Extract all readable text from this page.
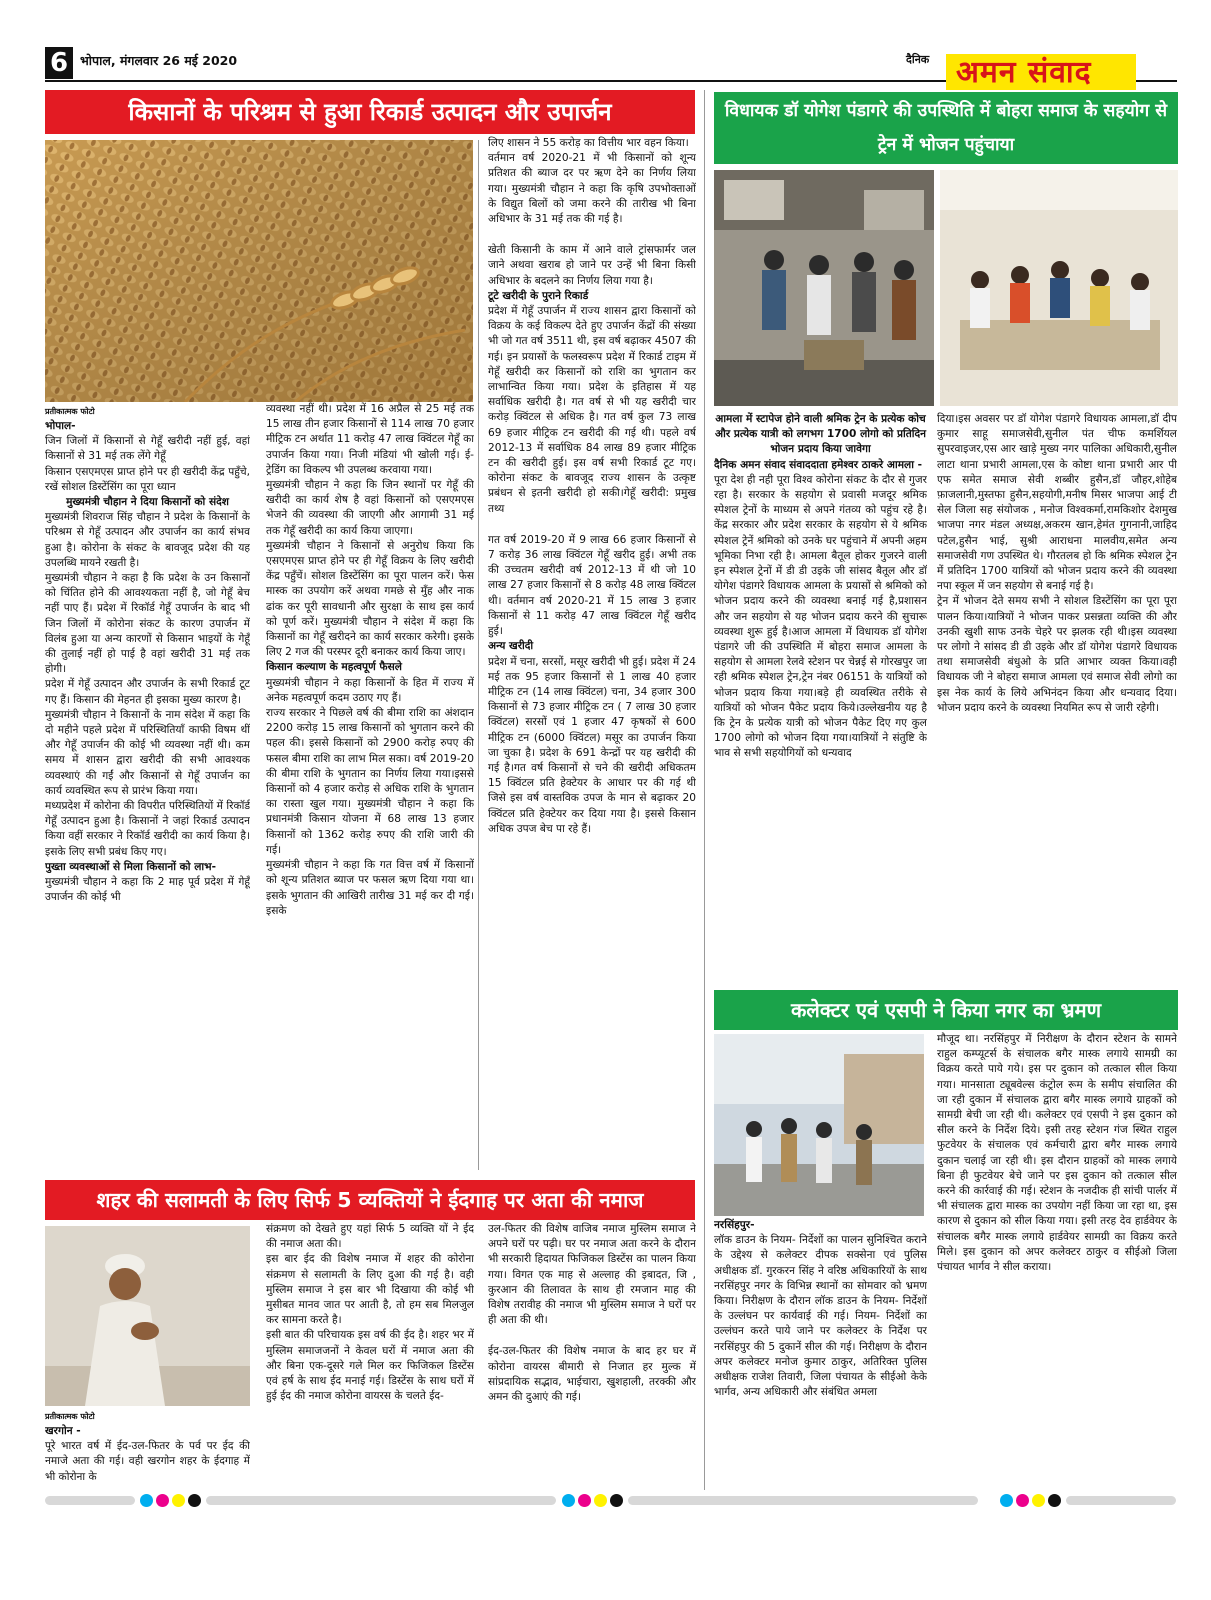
6 भोपाल, मंगलवार 26 मई 2020	दैनिक अमन संवाद
किसानों के परिश्रम से हुआ रिकार्ड उत्पादन और उपार्जन
प्रतीकात्मक फोटो

भोपाल-

जिन जिलों में किसानों से गेहूँ खरीदी नहीं हुई, वहां किसानों से 31 मई तक लेंगे गेहूँ

किसान एसएमएस प्राप्त होने पर ही खरीदी केंद्र पहुँचे, रखें सोशल डिस्टेंसिंग का पूरा ध्यान

मुख्यमंत्री चौहान ने दिया किसानों को संदेश

मुख्यमंत्री शिवराज सिंह चौहान ने प्रदेश के किसानों के परिश्रम से गेहूँ उत्पादन और उपार्जन का कार्य संभव हुआ है। कोरोना के संकट के बावजूद प्रदेश की यह उपलब्धि मायने रखती है।

मुख्यमंत्री चौहान ने कहा है कि प्रदेश के उन किसानों को चिंतित होने की आवश्यकता नहीं है, जो गेहूँ बेच नहीं पाए हैं। प्रदेश में रिकॉर्ड गेहूँ उपार्जन के बाद भी जिन जिलों में कोरोना संकट के कारण उपार्जन में विलंब हुआ या अन्य कारणों से किसान भाइयों के गेहूँ की तुलाई नहीं हो पाई है वहां खरीदी 31 मई तक होगी।

प्रदेश में गेहूँ उत्पादन और उपार्जन के सभी रिकार्ड टूट गए हैं। किसान की मेहनत ही इसका मुख्य कारण है।

मुख्यमंत्री चौहान ने किसानों के नाम संदेश में कहा कि दो महीने पहले प्रदेश में परिस्थितियाँ काफी विषम थीं और गेहूँ उपार्जन की कोई भी व्यवस्था नहीं थी। कम समय में शासन द्वारा खरीदी की सभी आवश्यक व्यवस्थाएं की गईं और किसानों से गेहूँ उपार्जन का कार्य व्यवस्थित रूप से प्रारंभ किया गया।

मध्यप्रदेश में कोरोना की विपरीत परिस्थितियों में रिकॉर्ड गेहूँ उत्पादन हुआ है। किसानों ने जहां रिकार्ड उत्पादन किया वहीं सरकार ने रिकॉर्ड खरीदी का कार्य किया है। इसके लिए सभी प्रबंध किए गए।

पुख्ता व्यवस्थाओं से मिला किसानों को लाभ-

मुख्यमंत्री चौहान ने कहा कि 2 माह पूर्व प्रदेश में गेहूँ उपार्जन की कोई भी

व्यवस्था नहीं थी। प्रदेश में 16 अप्रैल से 25 मई तक 15 लाख तीन हजार किसानों से 114 लाख 70 हजार मीट्रिक टन अर्थात 11 करोड़ 47 लाख क्विंटल गेहूँ का उपार्जन किया गया। निजी मंडियां भी खोली गई। ई-ट्रेडिंग का विकल्प भी उपलब्ध करवाया गया।

मुख्यमंत्री चौहान ने कहा कि जिन स्थानों पर गेहूँ की खरीदी का कार्य शेष है वहां किसानों को एसएमएस भेजने की व्यवस्था की जाएगी और आगामी 31 मई तक गेहूँ खरीदी का कार्य किया जाएगा।

मुख्यमंत्री चौहान ने किसानों से अनुरोध किया कि एसएमएस प्राप्त होने पर ही गेहूँ विक्रय के लिए खरीदी केंद्र पहुँचें। सोशल डिस्टेंसिंग का पूरा पालन करें। फेस मास्क का उपयोग करें अथवा गमछे से मुँह और नाक ढांक कर पूरी सावधानी और सुरक्षा के साथ इस कार्य को पूर्ण करें। मुख्यमंत्री चौहान ने संदेश में कहा कि किसानों का गेहूँ खरीदने का कार्य सरकार करेगी। इसके लिए 2 गज की परस्पर दूरी बनाकर कार्य किया जाए।

किसान कल्याण के महत्वपूर्ण फैसले

मुख्यमंत्री चौहान ने कहा किसानों के हित में राज्य में अनेक महत्वपूर्ण कदम उठाए गए हैं।

राज्य सरकार ने पिछले वर्ष की बीमा राशि का अंशदान 2200 करोड़ 15 लाख किसानों को भुगतान करने की पहल की। इससे किसानों को 2900 करोड़ रुपए की फसल बीमा राशि का लाभ मिल सका। वर्ष 2019-20 की बीमा राशि के भुगतान का निर्णय लिया गया।इससे किसानों को 4 हजार करोड़ से अधिक राशि के भुगतान का रास्ता खुल गया। मुख्यमंत्री चौहान ने कहा कि प्रधानमंत्री किसान योजना में 68 लाख 13 हजार किसानों को 1362 करोड़ रुपए की राशि जारी की गई।

मुख्यमंत्री चौहान ने कहा कि गत वित्त वर्ष में किसानों को शून्य प्रतिशत ब्याज पर फसल ऋण दिया गया था। इसके भुगतान की आखिरी तारीख 31 मई कर दी गई। इसके

लिए शासन ने 55 करोड़ का वित्तीय भार वहन किया।

वर्तमान वर्ष 2020-21 में भी किसानों को शून्य प्रतिशत की ब्याज दर पर ऋण देने का निर्णय लिया गया। मुख्यमंत्री चौहान ने कहा कि कृषि उपभोक्ताओं के विद्युत बिलों को जमा करने की तारीख भी बिना अधिभार के 31 मई तक की गई है।

खेती किसानी के काम में आने वाले ट्रांसफार्मर जल जाने अथवा खराब हो जाने पर उन्हें भी बिना किसी अधिभार के बदलने का निर्णय लिया गया है।

टूटे खरीदी के पुराने रिकार्ड

प्रदेश में गेहूँ उपार्जन में राज्य शासन द्वारा किसानों को विक्रय के कई विकल्प देते हुए उपार्जन केंद्रों की संख्या भी जो गत वर्ष 3511 थी, इस वर्ष बढ़ाकर 4507 की गई। इन प्रयासों के फलस्वरूप प्रदेश में रिकार्ड टाइम में गेहूँ खरीदी कर किसानों को राशि का भुगतान कर लाभान्वित किया गया। प्रदेश के इतिहास में यह सर्वाधिक खरीदी है। गत वर्ष से भी यह खरीदी चार करोड़ क्विंटल से अधिक है। गत वर्ष कुल 73 लाख 69 हजार मीट्रिक टन खरीदी की गई थी। पहले वर्ष 2012-13 में सर्वाधिक 84 लाख 89 हजार मीट्रिक टन की खरीदी हुई। इस वर्ष सभी रिकार्ड टूट गए। कोरोना संकट के बावजूद राज्य शासन के उत्कृष्ट प्रबंधन से इतनी खरीदी हो सकी।गेहूँ खरीदी: प्रमुख तथ्य

गत वर्ष 2019-20 में 9 लाख 66 हजार किसानों से 7 करोड़ 36 लाख क्विंटल गेहूँ खरीद हुई। अभी तक की उच्चतम खरीदी वर्ष 2012-13 में थी जो 10 लाख 27 हजार किसानों से 8 करोड़ 48 लाख क्विंटल थी। वर्तमान वर्ष 2020-21 में 15 लाख 3 हजार किसानों से 11 करोड़ 47 लाख क्विंटल गेहूँ खरीद हुई।

अन्य खरीदी

प्रदेश में चना, सरसों, मसूर खरीदी भी हुई। प्रदेश में 24 मई तक 95 हजार किसानों से 1 लाख 40 हजार मीट्रिक टन (14 लाख क्विंटल) चना, 34 हजार 300 किसानों से 73 हजार मीट्रिक टन ( 7 लाख 30 हजार क्विंटल) सरसों एवं 1 हजार 47 कृषकों से 600 मीट्रिक टन (6000 क्विंटल) मसूर का उपार्जन किया जा चुका है। प्रदेश के 691 केन्द्रों पर यह खरीदी की गई है।गत वर्ष किसानों से चने की खरीदी अधिकतम 15 क्विंटल प्रति हेक्टेयर के आधार पर की गई थी जिसे इस वर्ष वास्तविक उपज के मान से बढ़ाकर 20 क्विंटल प्रति हेक्टेयर कर दिया गया है। इससे किसान अधिक उपज बेच पा रहे हैं।

विधायक डॉ योगेश पंडागरे की उपस्थिति में बोहरा समाज के सहयोग से ट्रेन में भोजन पहुंचाया

आमला में स्टापेज होने वाली श्रमिक ट्रेन के प्रत्येक कोच और प्रत्येक यात्री को लगभग 1700 लोगो को प्रतिदिन भोजन प्रदाय किया जावेगा

दैनिक अमन संवाद संवाददाता हमेश्वर ठाकरे आमला -

पूरा देश ही नही पूरा विश्व कोरोना संकट के दौर से गुजर रहा है। सरकार के सहयोग से प्रवासी मजदूर श्रमिक स्पेशल ट्रेनों के माध्यम से अपने गंतव्य को पहुंच रहे है। केंद्र सरकार और प्रदेश सरकार के सहयोग से ये श्रमिक स्पेशल ट्रेनें श्रमिको को उनके घर पहुंचाने में अपनी अहम भूमिका निभा रही है। आमला बैतूल होकर गुजरने वाली इन स्पेशल ट्रेनों में डी डी उइके जी सांसद बैतूल और डॉ योगेश पंडागरे विधायक आमला के प्रयासों से श्रमिको को भोजन प्रदाय करने की व्यवस्था बनाई गई है,प्रशासन और जन सहयोग से यह भोजन प्रदाय करने की सुचारू व्यवस्था शुरू हुई है।आज आमला में विधायक डॉ योगेश पंडागरे जी की उपस्थिति में बोहरा समाज आमला के सहयोग से आमला रेलवे स्टेशन पर चेन्नई से गोरखपुर जा रही श्रमिक स्पेशल ट्रेन,ट्रेन नंबर 06151 के यात्रियों को भोजन प्रदाय किया गया।बड़े ही व्यवस्थित तरीके से यात्रियों को भोजन पैकेट प्रदाय किये।उल्लेखनीय यह है कि ट्रेन के प्रत्येक यात्री को भोजन पैकेट दिए गए कुल 1700 लोगो को भोजन दिया गया।यात्रियों ने संतुष्टि के भाव से सभी सहयोगियों को धन्यवाद

दिया।इस अवसर पर डॉ योगेश पंडागरे विधायक आमला,डॉ दीप कुमार साहू समाजसेवी,सुनील पंत चीफ कमर्शियल सुपरवाइजर,एस आर खाड़े मुख्य नगर पालिका अधिकारी,सुनील लाटा थाना प्रभारी आमला,एस के कोष्टा थाना प्रभारी आर पी एफ समेत समाज सेवी शब्बीर हुसैन,डॉ जौहर,शोहेब फ़ाजलानी,मुस्तफा हुसैन,सहयोगी,मनीष मिसर भाजपा आई टी सेल जिला सह संयोजक , मनोज विश्वकर्मा,रामकिशोर देशमुख भाजपा नगर मंडल अध्यक्ष,अकरम खान,हेमंत गुगनानी,जाहिद पटेल,हुसैन भाई, सुश्री आराधना मालवीय,समेत अन्य समाजसेवी गण उपस्थित थे। गौरतलब हो कि श्रमिक स्पेशल ट्रेन में प्रतिदिन 1700 यात्रियों को भोजन प्रदाय करने की व्यवस्था नपा स्कूल में जन सहयोग से बनाई गई है।

ट्रेन में भोजन देते समय सभी ने सोशल डिस्टेंसिंग का पूरा पूरा पालन किया।यात्रियों ने भोजन पाकर प्रसन्नता व्यक्ति की और उनकी खुशी साफ उनके चेहरे पर झलक रही थी।इस व्यवस्था पर लोगो ने सांसद डी डी उइके और डॉ योगेश पंडागरे विधायक तथा समाजसेवी बंधुओ के प्रति आभार व्यक्त किया।वही विधायक जी ने बोहरा समाज आमला एवं समाज सेवी लोगो का इस नेक कार्य के लिये अभिनंदन किया और धन्यवाद दिया। भोजन प्रदाय करने के व्यवस्था नियमित रूप से जारी रहेगी।

कलेक्टर एवं एसपी ने किया नगर का भ्रमण

नरसिंहपुर-

लॉक डाउन के नियम- निर्देशों का पालन सुनिश्चित कराने के उद्देश्य से कलेक्टर दीपक सक्सेना एवं पुलिस अधीक्षक डॉ. गुरकरन सिंह ने वरिष्ठ अधिकारियों के साथ नरसिंहपुर नगर के विभिन्न स्थानों का सोमवार को भ्रमण किया। निरीक्षण के दौरान लॉक डाउन के नियम- निर्देशों के उल्लंघन पर कार्यवाई की गई। नियम- निर्देशों का उल्लंघन करते पाये जाने पर कलेक्टर के निर्देश पर नरसिंहपुर की 5 दुकानें सील की गई। निरीक्षण के दौरान अपर कलेक्टर मनोज कुमार ठाकुर, अतिरिक्त पुलिस अधीक्षक राजेश तिवारी, जिला पंचायत के सीईओ केके भार्गव, अन्य अधिकारी और संबंधित अमला

मौजूद था। नरसिंहपुर में निरीक्षण के दौरान स्टेशन के सामने राहुल कम्प्यूटर्स के संचालक बगैर मास्क लगाये सामग्री का विक्रय करते पाये गये। इस पर दुकान को तत्काल सील किया गया। मानसाता ट्यूबवेल्स कंट्रोल रूम के समीप संचालित की जा रही दुकान में संचालक द्वारा बगैर मास्क लगाये ग्राहकों को सामग्री बेची जा रही थी। कलेक्टर एवं एसपी ने इस दुकान को सील करने के निर्देश दिये। इसी तरह स्टेशन गंज स्थित राहुल फुटवेयर के संचालक एवं कर्मचारी द्वारा बगैर मास्क लगाये दुकान चलाई जा रही थी। इस दौरान ग्राहकों को मास्क लगाये बिना ही फुटवेयर बेचे जाने पर इस दुकान को तत्काल सील करने की कार्रवाई की गई। स्टेशन के नजदीक ही सांची पार्लर में भी संचालक द्वारा मास्क का उपयोग नहीं किया जा रहा था, इस कारण से दुकान को सील किया गया। इसी तरह देव हार्डवेयर के संचालक बगैर मास्क लगाये हार्डवेयर सामग्री का विक्रय करते मिले। इस दुकान को अपर कलेक्टर ठाकुर व सीईओ जिला पंचायत भार्गव ने सील कराया।

शहर की सलामती के लिए सिर्फ 5 व्यक्तियों ने ईदगाह पर अता की नमाज
प्रतीकात्मक फोटो

खरगोन -

पूरे भारत वर्ष में ईद-उल-फितर के पर्व पर ईद की नमाजे अता की गई। वही खरगोन शहर के ईदगाह में भी कोरोना के

संक्रमण को देखते हुए यहां सिर्फ 5 व्यक्ति यों ने ईद की नमाज अता की।

इस बार ईद की विशेष नमाज में शहर की कोरोना संक्रमण से सलामती के लिए दुआ की गई है। वही मुस्लिम समाज ने इस बार भी दिखाया की कोई भी मुसीबत मानव जात पर आती है, तो हम सब मिलजुल कर सामना करते है।

इसी बात की परिचायक इस वर्ष की ईद है। शहर भर में मुस्लिम समाजजनों ने केवल घरों में नमाज अता की और बिना एक-दूसरे गले मिल कर फिजिकल डिस्टेंस एवं हर्ष के साथ ईद मनाई गई। डिस्टेंस के साथ घरों में हुई ईद की नमाज कोरोना वायरस के चलते ईद-

उल-फितर की विशेष वाजिब नमाज मुस्लिम समाज ने अपने घरों पर पढ़ी। घर पर नमाज अता करने के दौरान भी सरकारी हिदायत फिजिकल डिस्टेंस का पालन किया गया। विगत एक माह से अल्लाह की इबादत, जि , कुरआन की तिलावत के साथ ही रमजान माह की विशेष तरावीह की नमाज भी मुस्लिम समाज ने घरों पर ही अता की थी।

ईद-उल-फितर की विशेष नमाज के बाद हर घर में कोरोना वायरस बीमारी से निजात हर मुल्क में सांप्रदायिक सद्भाव, भाईचारा, खुशहाली, तरक्की और अमन की दुआएं की गई।
